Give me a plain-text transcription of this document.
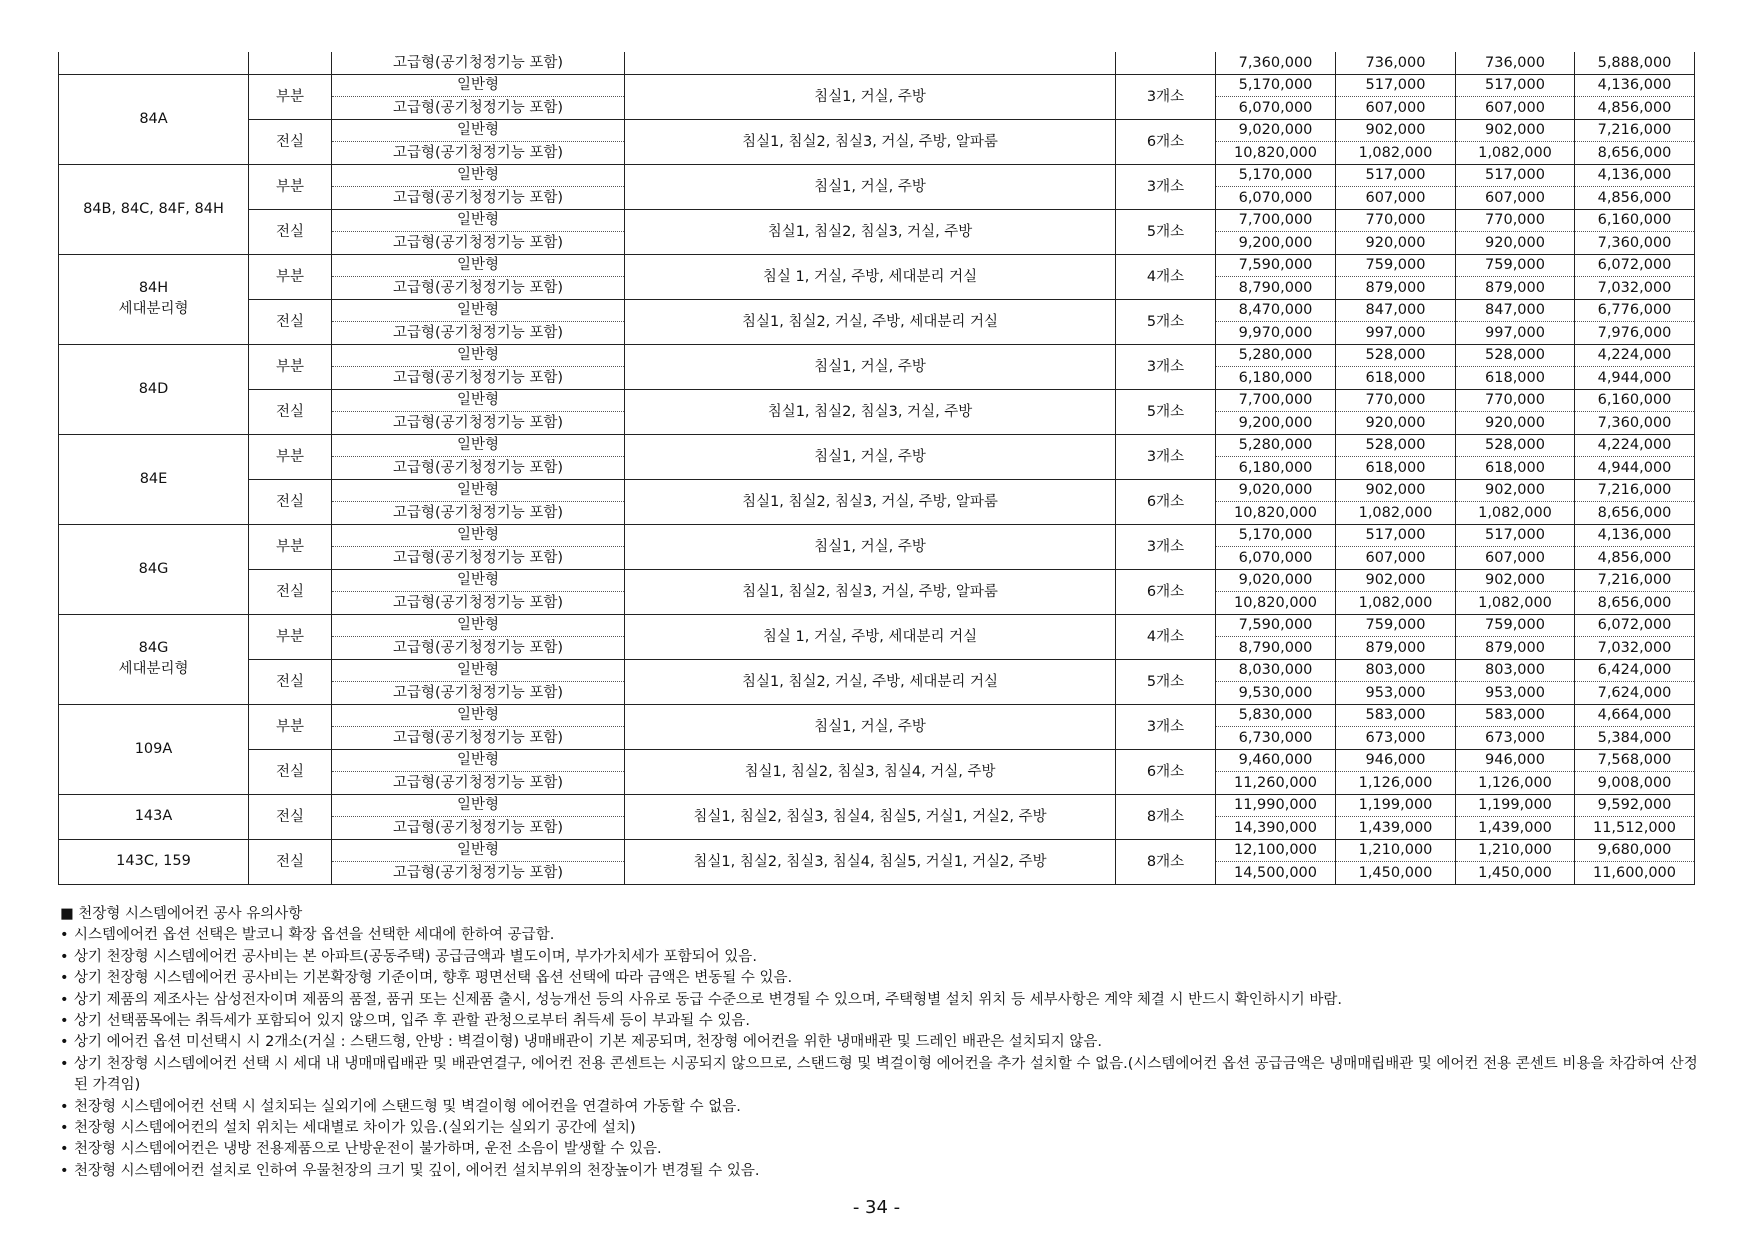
		고급형(공기청정기능 포함)			7,360,000	736,000	736,000	5,888,000
84A	부분	일반형	침실1, 거실, 주방	3개소	5,170,000	517,000	517,000	4,136,000
		고급형(공기청정기능 포함)			6,070,000	607,000	607,000	4,856,000
	전실	일반형	침실1, 침실2, 침실3, 거실, 주방, 알파룸	6개소	9,020,000	902,000	902,000	7,216,000
		고급형(공기청정기능 포함)			10,820,000	1,082,000	1,082,000	8,656,000
84B, 84C, 84F, 84H	부분	일반형	침실1, 거실, 주방	3개소	5,170,000	517,000	517,000	4,136,000
		고급형(공기청정기능 포함)			6,070,000	607,000	607,000	4,856,000
	전실	일반형	침실1, 침실2, 침실3, 거실, 주방	5개소	7,700,000	770,000	770,000	6,160,000
		고급형(공기청정기능 포함)			9,200,000	920,000	920,000	7,360,000
84H
세대분리형	부분	일반형	침실 1, 거실, 주방, 세대분리 거실	4개소	7,590,000	759,000	759,000	6,072,000
		고급형(공기청정기능 포함)			8,790,000	879,000	879,000	7,032,000
	전실	일반형	침실1, 침실2, 거실, 주방, 세대분리 거실	5개소	8,470,000	847,000	847,000	6,776,000
		고급형(공기청정기능 포함)			9,970,000	997,000	997,000	7,976,000
84D	부분	일반형	침실1, 거실, 주방	3개소	5,280,000	528,000	528,000	4,224,000
		고급형(공기청정기능 포함)			6,180,000	618,000	618,000	4,944,000
	전실	일반형	침실1, 침실2, 침실3, 거실, 주방	5개소	7,700,000	770,000	770,000	6,160,000
		고급형(공기청정기능 포함)			9,200,000	920,000	920,000	7,360,000
84E	부분	일반형	침실1, 거실, 주방	3개소	5,280,000	528,000	528,000	4,224,000
		고급형(공기청정기능 포함)			6,180,000	618,000	618,000	4,944,000
	전실	일반형	침실1, 침실2, 침실3, 거실, 주방, 알파룸	6개소	9,020,000	902,000	902,000	7,216,000
		고급형(공기청정기능 포함)			10,820,000	1,082,000	1,082,000	8,656,000
84G	부분	일반형	침실1, 거실, 주방	3개소	5,170,000	517,000	517,000	4,136,000
		고급형(공기청정기능 포함)			6,070,000	607,000	607,000	4,856,000
	전실	일반형	침실1, 침실2, 침실3, 거실, 주방, 알파룸	6개소	9,020,000	902,000	902,000	7,216,000
		고급형(공기청정기능 포함)			10,820,000	1,082,000	1,082,000	8,656,000
84G
세대분리형	부분	일반형	침실 1, 거실, 주방, 세대분리 거실	4개소	7,590,000	759,000	759,000	6,072,000
		고급형(공기청정기능 포함)			8,790,000	879,000	879,000	7,032,000
	전실	일반형	침실1, 침실2, 거실, 주방, 세대분리 거실	5개소	8,030,000	803,000	803,000	6,424,000
		고급형(공기청정기능 포함)			9,530,000	953,000	953,000	7,624,000
109A	부분	일반형	침실1, 거실, 주방	3개소	5,830,000	583,000	583,000	4,664,000
		고급형(공기청정기능 포함)			6,730,000	673,000	673,000	5,384,000
	전실	일반형	침실1, 침실2, 침실3, 침실4, 거실, 주방	6개소	9,460,000	946,000	946,000	7,568,000
		고급형(공기청정기능 포함)			11,260,000	1,126,000	1,126,000	9,008,000
143A	전실	일반형	침실1, 침실2, 침실3, 침실4, 침실5, 거실1, 거실2, 주방	8개소	11,990,000	1,199,000	1,199,000	9,592,000
		고급형(공기청정기능 포함)			14,390,000	1,439,000	1,439,000	11,512,000
143C, 159	전실	일반형	침실1, 침실2, 침실3, 침실4, 침실5, 거실1, 거실2, 주방	8개소	12,100,000	1,210,000	1,210,000	9,680,000
		고급형(공기청정기능 포함)			14,500,000	1,450,000	1,450,000	11,600,000

■ 천장형 시스템에어컨 공사 유의사항

• 시스템에어컨 옵션 선택은 발코니 확장 옵션을 선택한 세대에 한하여 공급함.
• 상기 천장형 시스템에어컨 공사비는 본 아파트(공동주택) 공급금액과 별도이며, 부가가치세가 포함되어 있음.
• 상기 천장형 시스템에어컨 공사비는 기본확장형 기준이며, 향후 평면선택 옵션 선택에 따라 금액은 변동될 수 있음.
• 상기 제품의 제조사는 삼성전자이며 제품의 품절, 품귀 또는 신제품 출시, 성능개선 등의 사유로 동급 수준으로 변경될 수 있으며, 주택형별 설치 위치 등 세부사항은 계약 체결 시 반드시 확인하시기 바람.
• 상기 선택품목에는 취득세가 포함되어 있지 않으며, 입주 후 관할 관청으로부터 취득세 등이 부과될 수 있음.
• 상기 에어컨 옵션 미선택시 시 2개소(거실 : 스탠드형, 안방 : 벽걸이형) 냉매배관이 기본 제공되며, 천장형 에어컨을 위한 냉매배관 및 드레인 배관은 설치되지 않음.
• 상기 천장형 시스템에어컨 선택 시 세대 내 냉매매립배관 및 배관연결구, 에어컨 전용 콘센트는 시공되지 않으므로, 스탠드형 및 벽걸이형 에어컨을 추가 설치할 수 없음.(시스템에어컨 옵션 공급금액은 냉매매립배관 및 에어컨 전용 콘센트 비용을 차감하여 산정된 가격임)
• 천장형 시스템에어컨 선택 시 설치되는 실외기에 스탠드형 및 벽걸이형 에어컨을 연결하여 가동할 수 없음.
• 천장형 시스템에어컨의 설치 위치는 세대별로 차이가 있음.(실외기는 실외기 공간에 설치)
• 천장형 시스템에어컨은 냉방 전용제품으로 난방운전이 불가하며, 운전 소음이 발생할 수 있음.
• 천장형 시스템에어컨 설치로 인하여 우물천장의 크기 및 깊이, 에어컨 설치부위의 천장높이가 변경될 수 있음.
- 34 -
